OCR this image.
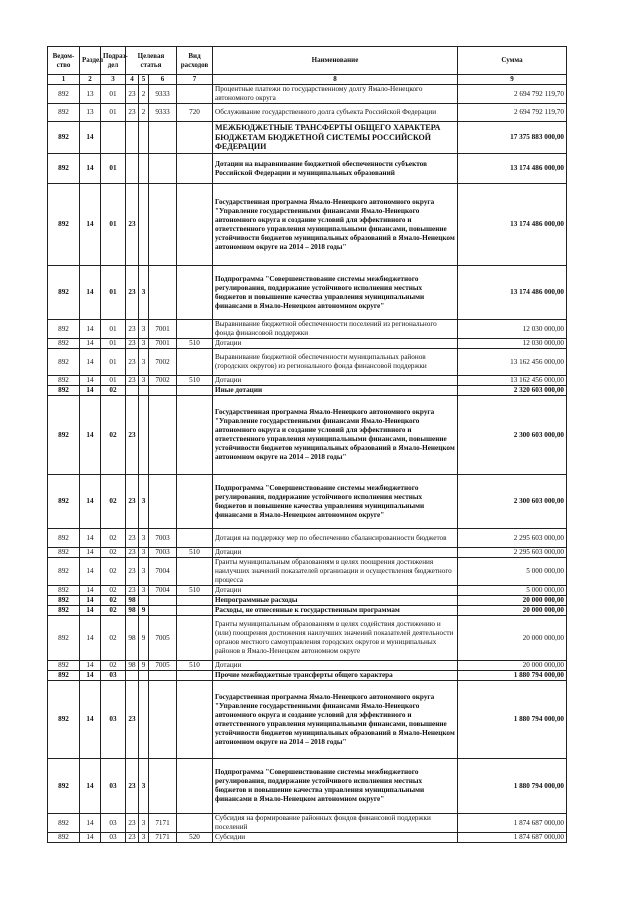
Ведом-ство	Раздел	Подраз-дел	Целевая статья			Вид расходов	Наименование	Сумма
1	2	3	4	5	6	7	8	9
892	13	01	23	2	9333		Процентные платежи по государственному долгу Ямало-Ненецкого автономного округа	2 694 792 119,70
892	13	01	23	2	9333	720	Обслуживание государственного долга субъекта Российской Федерации	2 694 792 119,70
892	14						МЕЖБЮДЖЕТНЫЕ ТРАНСФЕРТЫ ОБЩЕГО ХАРАКТЕРА БЮДЖЕТАМ БЮДЖЕТНОЙ СИСТЕМЫ РОССИЙСКОЙ ФЕДЕРАЦИИ	17 375 883 000,00
892	14	01					Дотации на выравнивание бюджетной обеспеченности субъектов Российской Федерации и муниципальных образований	13 174 486 000,00
892	14	01	23				Государственная программа Ямало-Ненецкого автономного округа "Управление государственными финансами Ямало-Ненецкого автономного округа и создание условий для эффективного и ответственного управления муниципальными финансами, повышение устойчивости бюджетов муниципальных образований в Ямало-Ненецком автономном округе на 2014 – 2018 годы"	13 174 486 000,00
892	14	01	23	3			Подпрограмма "Совершенствование системы межбюджетного регулирования, поддержание устойчивого исполнения местных бюджетов и повышение качества управления муниципальными финансами в Ямало-Ненецком автономном округе"	13 174 486 000,00
892	14	01	23	3	7001		Выравнивание бюджетной обеспеченности поселений из регионального фонда финансовой поддержки	12 030 000,00
892	14	01	23	3	7001	510	Дотации	12 030 000,00
892	14	01	23	3	7002		Выравнивание бюджетной обеспеченности муниципальных районов (городских округов) из регионального фонда финансовой поддержки	13 162 456 000,00
892	14	01	23	3	7002	510	Дотации	13 162 456 000,00
892	14	02					Иные дотации	2 320 603 000,00
892	14	02	23				Государственная программа Ямало-Ненецкого автономного округа "Управление государственными финансами Ямало-Ненецкого автономного округа и создание условий для эффективного и ответственного управления муниципальными финансами, повышение устойчивости бюджетов муниципальных образований в Ямало-Ненецком автономном округе на 2014 – 2018 годы"	2 300 603 000,00
892	14	02	23	3			Подпрограмма "Совершенствование системы межбюджетного регулирования, поддержание устойчивого исполнения местных бюджетов и повышение качества управления муниципальными финансами в Ямало-Ненецком автономном округе"	2 300 603 000,00
892	14	02	23	3	7003		Дотация на поддержку мер по обеспечению сбалансированности бюджетов	2 295 603 000,00
892	14	02	23	3	7003	510	Дотации	2 295 603 000,00
892	14	02	23	3	7004		Гранты муниципальным образованиям в целях поощрения достижения наилучших значений показателей организации и осуществления бюджетного процесса	5 000 000,00
892	14	02	23	3	7004	510	Дотации	5 000 000,00
892	14	02	98				Непрограммные расходы	20 000 000,00
892	14	02	98	9			Расходы, не отнесенные к государственным программам	20 000 000,00
892	14	02	98	9	7005		Гранты муниципальным образованиям в целях содействия достижению и (или) поощрения достижения наилучших значений показателей деятельности органов местного самоуправления городских округов и муниципальных районов в Ямало-Ненецком автономном округе	20 000 000,00
892	14	02	98	9	7005	510	Дотации	20 000 000,00
892	14	03					Прочие межбюджетные трансферты общего характера	1 880 794 000,00
892	14	03	23				Государственная программа Ямало-Ненецкого автономного округа "Управление государственными финансами Ямало-Ненецкого автономного округа и создание условий для эффективного и ответственного управления муниципальными финансами, повышение устойчивости бюджетов муниципальных образований в Ямало-Ненецком автономном округе на 2014 – 2018 годы"	1 880 794 000,00
892	14	03	23	3			Подпрограмма "Совершенствование системы межбюджетного регулирования, поддержание устойчивого исполнения местных бюджетов и повышение качества управления муниципальными финансами в Ямало-Ненецком автономном округе"	1 880 794 000,00
892	14	03	23	3	7171		Субсидия на формирование районных фондов финансовой поддержки поселений	1 874 687 000,00
892	14	03	23	3	7171	520	Субсидии	1 874 687 000,00
